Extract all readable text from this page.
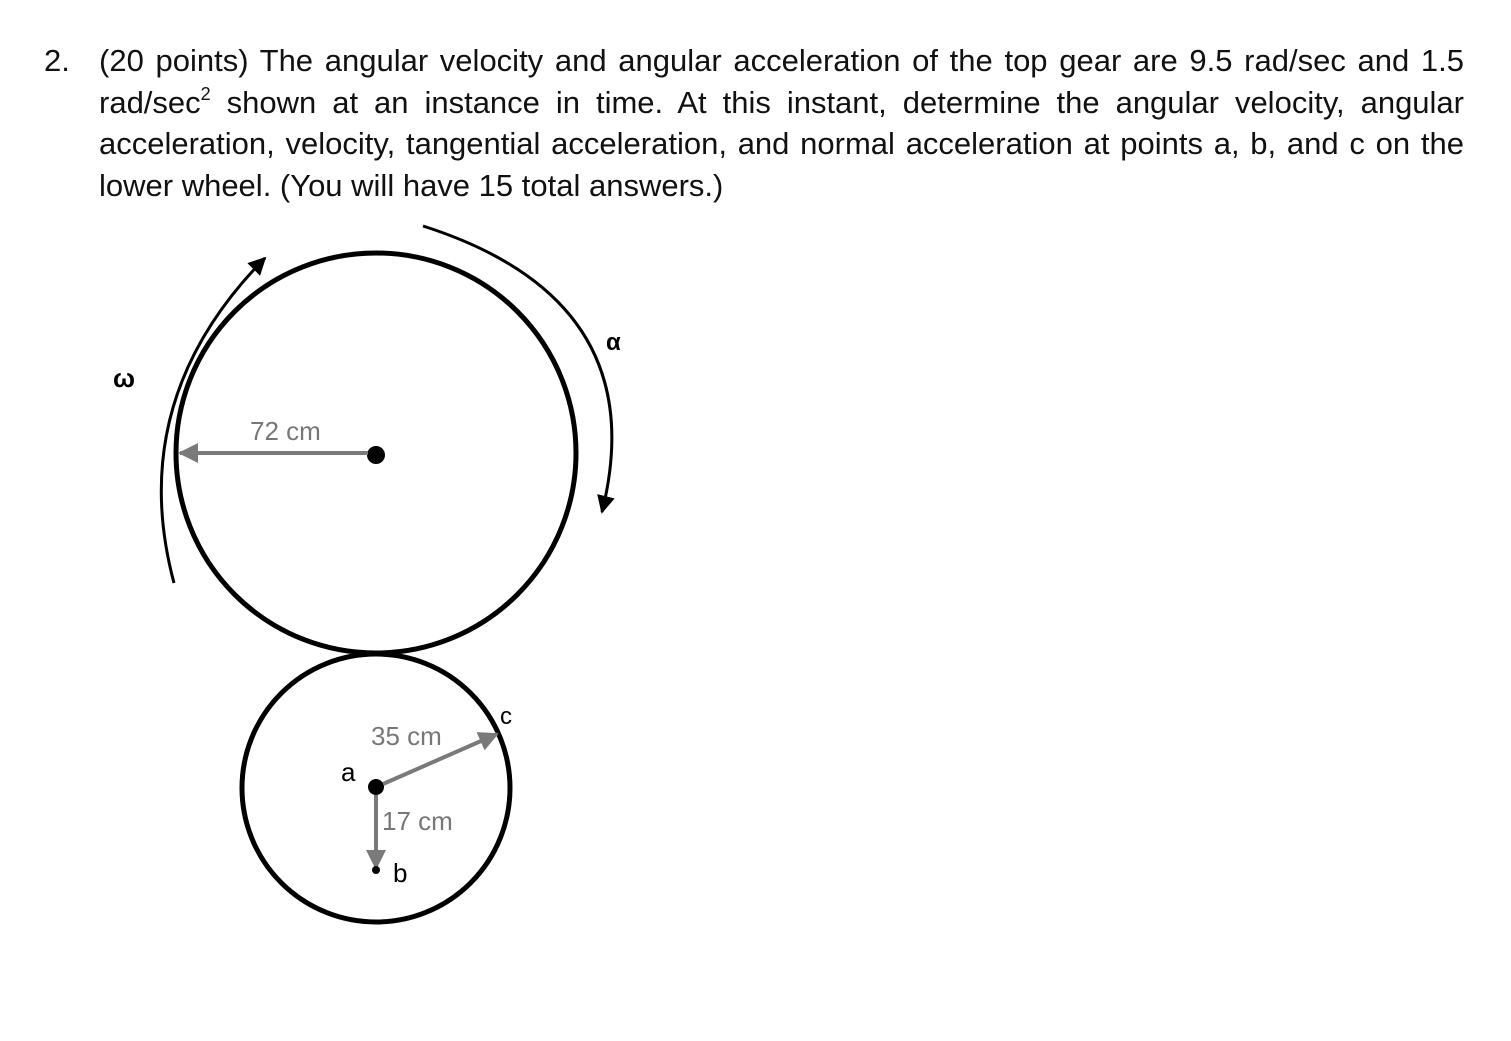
2. (20 points) The angular velocity and angular acceleration of the top gear are 9.5 rad/sec and 1.5 rad/$\sec^2$ shown at an instance in time. At this instant, determine the angular velocity, angular acceleration, velocity, tangential acceleration, and normal acceleration at points a, b, and c on the lower wheel. (You will have 15 total answers.)
72 cm
ω
α
a
35 cm
c
17 cm
b
